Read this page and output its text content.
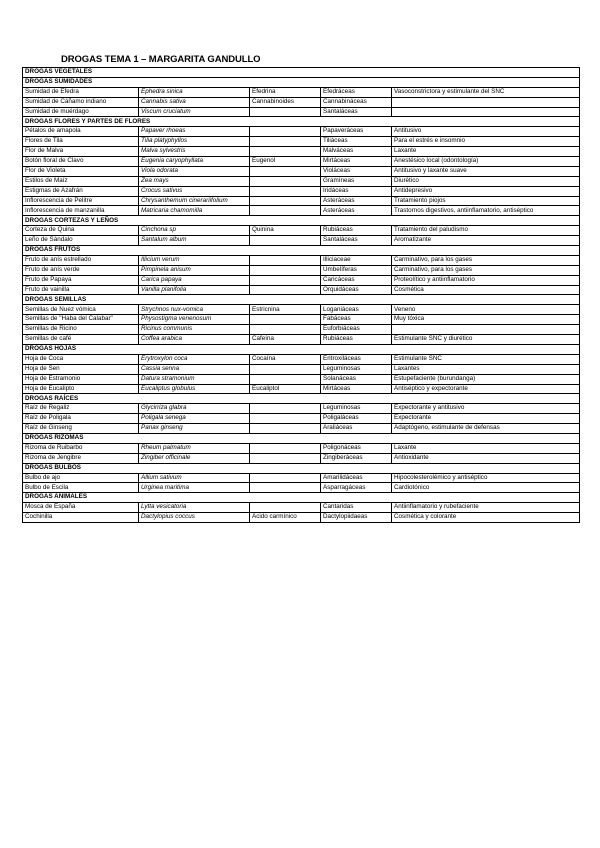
DROGAS TEMA 1 – MARGARITA GANDULLO
DROGAS VEGETALES				
DROGAS SUMIDADES				
Sumidad de Efedra	Ephedra sinica	Efedrina	Efedráceas	Vasoconstrictora y estimulante del SNC
Sumidad de Cáñamo indiano	Cannabis sativa	Cannabinoides	Cannabináceas	
Sumidad de muérdago	Viscum cruciatum		Santaláceas	
DROGAS FLORES Y PARTES DE FLORES				
Pétalos de amapola	Papaver rhoeas		Papaveráceas	Antitusivo
Flores de Tila	Tilia platyphyllos		Tiliáceas	Para el estrés e insomnio
Flor de Malva	Malva sylvestris		Malváceas	Laxante
Botón floral de Clavo	Eugenia caryophyllata	Eugenol	Mirtáceas	Anestésico local (odontología)
Flor de Violeta	Viola odorata		Violáceas	Antitusivo y laxante suave
Estilos de Maíz	Zea mays		Gramíneas	Diurético
Estigmas de Azafrán	Crocus sativus		Iridáceas	Antidepresivo
Inflorescencia de Pelitre	Chrysanthemum cinerariifolium		Asteráceas	Tratamiento piojos
Inflorescencia de manzanilla	Matricaria chamomilla		Asteráceas	Trastornos digestivos, antiinflamatorio, antiséptico
DROGAS CORTEZAS Y LEÑOS				
Corteza de Quina	Cinchona sp	Quinina	Rubiáceas	Tratamiento del paludismo
Leño de Sándalo	Santalum album		Santaláceas	Aromatizante
DROGAS FRUTOS				
Fruto de anís estrellado	Illicium verum		Illiciaceae	Carminativo, para los gases
Fruto de anís verde	Pimpinela anisum		Umbelíferas	Carminativo, para los gases
Fruto de Papaya	Carica papaya		Caricáceas	Proteolítico y antiinflamatorio
Fruto de vainilla	Vanilla planifolia		Orquidáceas	Cosmética
DROGAS SEMILLAS				
Semillas de Nuez vómica	Strychnos nux-vomica	Estricnina	Loganiáceas	Veneno
Semillas de "Haba del Calabar"	Physostigma venenosum		Fabáceas	Muy tóxica
Semillas de Ricino	Ricinus communis		Euforbiáceas	
Semillas de café	Coffea arabica	Cafeína	Rubiáceas	Estimulante SNC y diurético
DROGAS HOJAS				
Hoja de Coca	Erytroxylon coca	Cocaína	Eritroxiláceas	Estimulante SNC
Hoja de Sen	Cassia senna		Leguminosas	Laxantes
Hoja de Estramonio	Datura stramonium		Solanáceas	Estupefaciente (burundanga)
Hoja de Eucalipto	Eucaliptus globulus	Eucaliptol	Mirtáceas	Antiséptico y expectorante
DROGAS RAÍCES				
Raíz de Regaliz	Glycirriza glabra		Leguminosas	Expectorante y antitusivo
Raíz de Poligala	Poligala senega		Poligaláceas	Expectorante
Raíz de Ginseng	Panax ginseng		Araliáceas	Adaptógeno, estimulante de defensas
DROGAS RIZOMAS				
Rizoma de Ruibarbo	Rheum palmatum		Poligonáceas	Laxante
Rizoma de Jengibre	Zingiber officinale		Zingiberáceas	Antioxidante
DROGAS BULBOS				
Bulbo de ajo	Allium sativum		Amarilidáceas	Hipocolesterolémico y antiséptico
Bulbo de Escila	Urginea maritima		Asparragáceas	Cardiotónico
DROGAS ANIMALES				
Mosca de España	Lytta vesicatoria		Cantaridas	Antiinflamatorio y rubefaciente
Cochinilla	Dactylopius coccus	Ácido carmínico	Dactylopiidaeas	Cosmética y colorante
